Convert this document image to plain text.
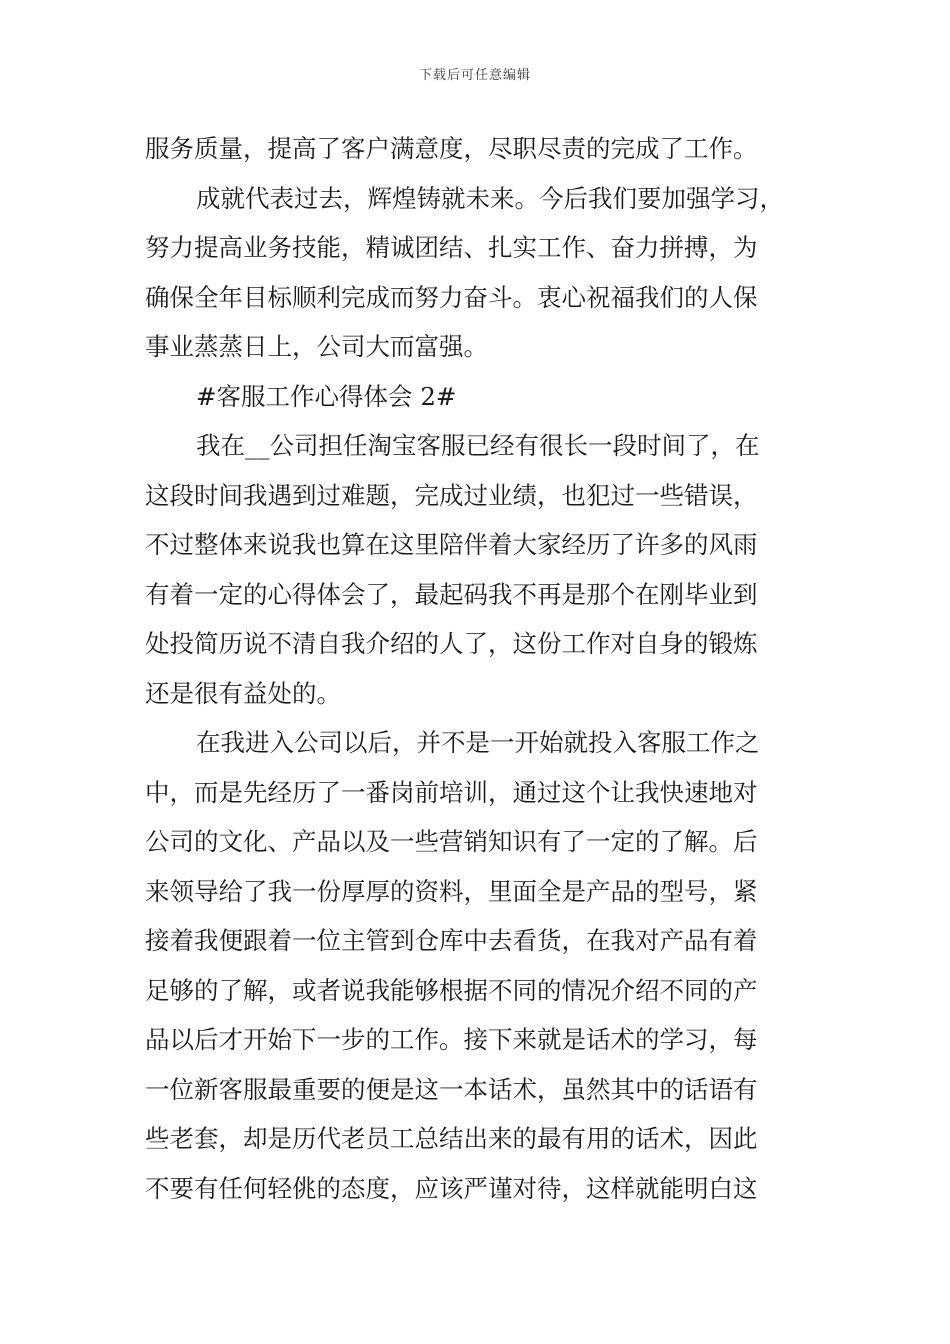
下载后可任意编辑
服务质量，提高了客户满意度，尽职尽责的完成了工作。
成就代表过去，辉煌铸就未来。今后我们要加强学习，
努力提高业务技能，精诚团结、扎实工作、奋力拼搏，为
确保全年目标顺利完成而努力奋斗。衷心祝福我们的人保
事业蒸蒸日上，公司大而富强。
#客服工作心得体会 2#
我在__公司担任淘宝客服已经有很长一段时间了，在
这段时间我遇到过难题，完成过业绩，也犯过一些错误，
不过整体来说我也算在这里陪伴着大家经历了许多的风雨
有着一定的心得体会了，最起码我不再是那个在刚毕业到
处投简历说不清自我介绍的人了，这份工作对自身的锻炼
还是很有益处的。
在我进入公司以后，并不是一开始就投入客服工作之
中，而是先经历了一番岗前培训，通过这个让我快速地对
公司的文化、产品以及一些营销知识有了一定的了解。后
来领导给了我一份厚厚的资料，里面全是产品的型号，紧
接着我便跟着一位主管到仓库中去看货，在我对产品有着
足够的了解，或者说我能够根据不同的情况介绍不同的产
品以后才开始下一步的工作。接下来就是话术的学习，每
一位新客服最重要的便是这一本话术，虽然其中的话语有
些老套，却是历代老员工总结出来的最有用的话术，因此
不要有任何轻佻的态度，应该严谨对待，这样就能明白这
